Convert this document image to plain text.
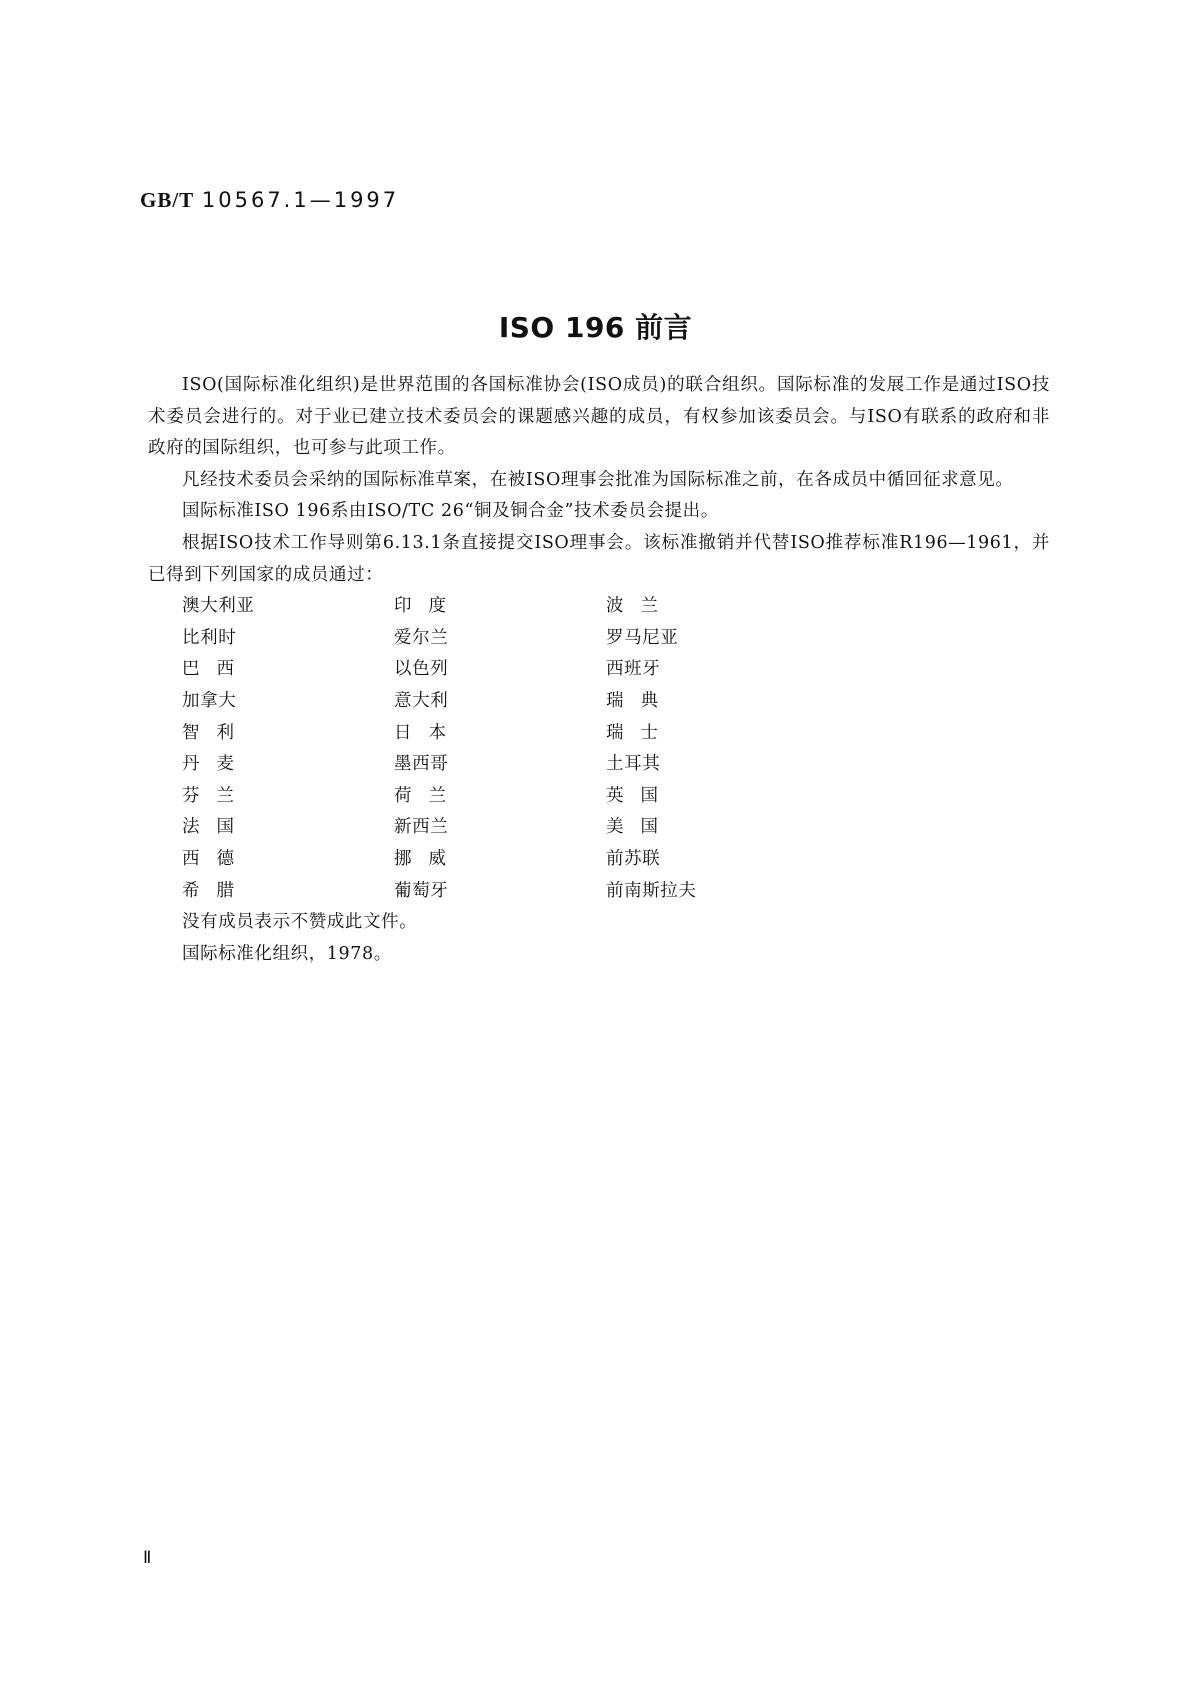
GB/T 10567.1—1997
ISO 196 前言

ISO(国际标准化组织)是世界范围的各国标准协会(ISO成员)的联合组织。国际标准的发展工作是通过ISO技术委员会进行的。对于业已建立技术委员会的课题感兴趣的成员，有权参加该委员会。与ISO有联系的政府和非政府的国际组织，也可参与此项工作。

凡经技术委员会采纳的国际标准草案，在被ISO理事会批准为国际标准之前，在各成员中循回征求意见。

国际标准ISO 196系由ISO/TC 26“铜及铜合金”技术委员会提出。

根据ISO技术工作导则第6.13.1条直接提交ISO理事会。该标准撤销并代替ISO推荐标准R196—1961，并已得到下列国家的成员通过：

澳大利亚	印度	波兰
比利时	爱尔兰	罗马尼亚
巴西	以色列	西班牙
加拿大	意大利	瑞典
智利	日本	瑞士
丹麦	墨西哥	土耳其
芬兰	荷兰	英国
法国	新西兰	美国
西德	挪威	前苏联
希腊	葡萄牙	前南斯拉夫

没有成员表示不赞成此文件。

国际标准化组织，1978。

Ⅱ
